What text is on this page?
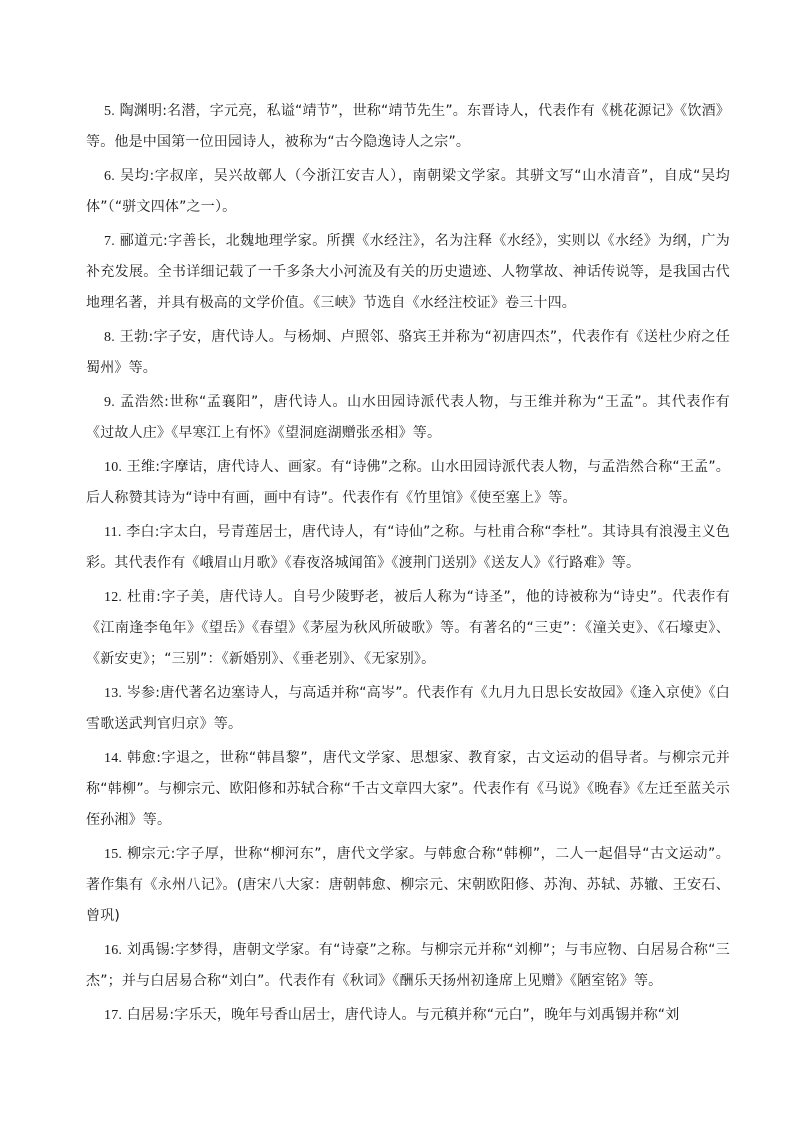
5. 陶渊明:名潜，字元亮，私谥“靖节”，世称“靖节先生”。东晋诗人，代表作有《桃花源记》《饮酒》等。他是中国第一位田园诗人，被称为“古今隐逸诗人之宗”。

6. 吴均:字叔庠，吴兴故鄣人（今浙江安吉人），南朝梁文学家。其骈文写“山水清音”，自成“吴均体”（“骈文四体”之一）。

7. 郦道元:字善长，北魏地理学家。所撰《水经注》，名为注释《水经》，实则以《水经》为纲，广为补充发展。全书详细记载了一千多条大小河流及有关的历史遗迹、人物掌故、神话传说等，是我国古代地理名著，并具有极高的文学价值。《三峡》节选自《水经注校证》卷三十四。

8. 王勃:字子安，唐代诗人。与杨炯、卢照邻、骆宾王并称为“初唐四杰”，代表作有《送杜少府之任蜀州》等。

9. 孟浩然:世称“孟襄阳”，唐代诗人。山水田园诗派代表人物，与王维并称为“王孟”。其代表作有《过故人庄》《早寒江上有怀》《望洞庭湖赠张丞相》等。

10. 王维:字摩诘，唐代诗人、画家。有“诗佛”之称。山水田园诗派代表人物，与孟浩然合称“王孟”。后人称赞其诗为“诗中有画，画中有诗”。代表作有《竹里馆》《使至塞上》等。

11. 李白:字太白，号青莲居士，唐代诗人，有“诗仙”之称。与杜甫合称“李杜”。其诗具有浪漫主义色彩。其代表作有《峨眉山月歌》《春夜洛城闻笛》《渡荆门送别》《送友人》《行路难》等。

12. 杜甫:字子美，唐代诗人。自号少陵野老，被后人称为“诗圣”，他的诗被称为“诗史”。代表作有《江南逢李龟年》《望岳》《春望》《茅屋为秋风所破歌》等。有著名的“三吏”：《潼关吏》、《石壕吏》、《新安吏》；“三别”：《新婚别》、《垂老别》、《无家别》。

13. 岑参:唐代著名边塞诗人，与高适并称“高岑”。代表作有《九月九日思长安故园》《逢入京使》《白雪歌送武判官归京》等。

14. 韩愈:字退之，世称“韩昌黎”，唐代文学家、思想家、教育家，古文运动的倡导者。与柳宗元并称“韩柳”。与柳宗元、欧阳修和苏轼合称“千古文章四大家”。代表作有《马说》《晚春》《左迁至蓝关示侄孙湘》等。

15. 柳宗元:字子厚，世称“柳河东”，唐代文学家。与韩愈合称“韩柳”，二人一起倡导“古文运动”。著作集有《永州八记》。(唐宋八大家：唐朝韩愈、柳宗元、宋朝欧阳修、苏洵、苏轼、苏辙、王安石、曾巩)

16. 刘禹锡:字梦得，唐朝文学家。有“诗豪”之称。与柳宗元并称“刘柳”；与韦应物、白居易合称“三杰”；并与白居易合称“刘白”。代表作有《秋词》《酬乐天扬州初逢席上见赠》《陋室铭》等。

17. 白居易:字乐天，晚年号香山居士，唐代诗人。与元稹并称“元白”，晚年与刘禹锡并称“刘
